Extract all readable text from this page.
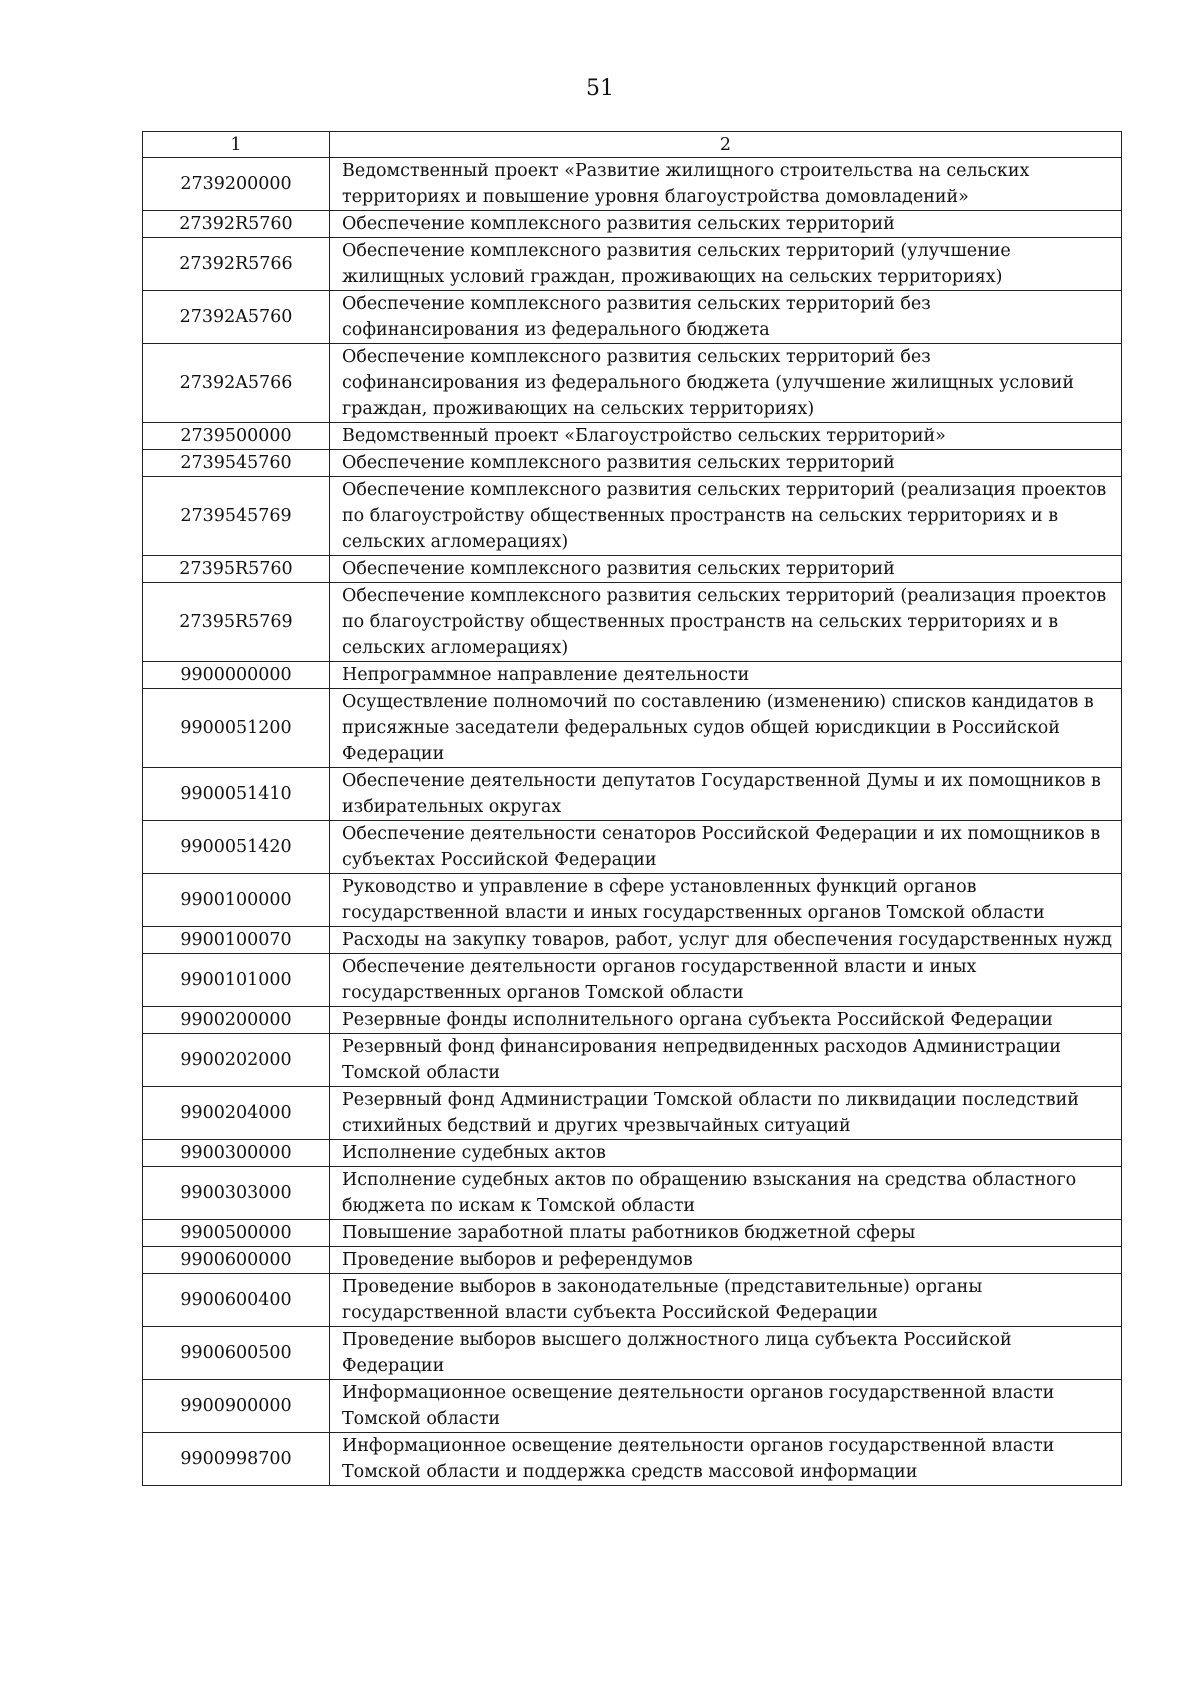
51
1	2
2739200000	Ведомственный проект «Развитие жилищного строительства на сельских территориях и повышение уровня благоустройства домовладений»
27392R5760	Обеспечение комплексного развития сельских территорий
27392R5766	Обеспечение комплексного развития сельских территорий (улучшение жилищных условий граждан, проживающих на сельских территориях)
27392A5760	Обеспечение комплексного развития сельских территорий без софинансирования из федерального бюджета
27392A5766	Обеспечение комплексного развития сельских территорий без софинансирования из федерального бюджета (улучшение жилищных условий граждан, проживающих на сельских территориях)
2739500000	Ведомственный проект «Благоустройство сельских территорий»
2739545760	Обеспечение комплексного развития сельских территорий
2739545769	Обеспечение комплексного развития сельских территорий (реализация проектов по благоустройству общественных пространств на сельских территориях и в сельских агломерациях)
27395R5760	Обеспечение комплексного развития сельских территорий
27395R5769	Обеспечение комплексного развития сельских территорий (реализация проектов по благоустройству общественных пространств на сельских территориях и в сельских агломерациях)
9900000000	Непрограммное направление деятельности
9900051200	Осуществление полномочий по составлению (изменению) списков кандидатов в присяжные заседатели федеральных судов общей юрисдикции в Российской Федерации
9900051410	Обеспечение деятельности депутатов Государственной Думы и их помощников в избирательных округах
9900051420	Обеспечение деятельности сенаторов Российской Федерации и их помощников в субъектах Российской Федерации
9900100000	Руководство и управление в сфере установленных функций органов государственной власти и иных государственных органов Томской области
9900100070	Расходы на закупку товаров, работ, услуг для обеспечения государственных нужд
9900101000	Обеспечение деятельности органов государственной власти и иных государственных органов Томской области
9900200000	Резервные фонды исполнительного органа субъекта Российской Федерации
9900202000	Резервный фонд финансирования непредвиденных расходов Администрации Томской области
9900204000	Резервный фонд Администрации Томской области по ликвидации последствий стихийных бедствий и других чрезвычайных ситуаций
9900300000	Исполнение судебных актов
9900303000	Исполнение судебных актов по обращению взыскания на средства областного бюджета по искам к Томской области
9900500000	Повышение заработной платы работников бюджетной сферы
9900600000	Проведение выборов и референдумов
9900600400	Проведение выборов в законодательные (представительные) органы государственной власти субъекта Российской Федерации
9900600500	Проведение выборов высшего должностного лица субъекта Российской Федерации
9900900000	Информационное освещение деятельности органов государственной власти Томской области
9900998700	Информационное освещение деятельности органов государственной власти Томской области и поддержка средств массовой информации
